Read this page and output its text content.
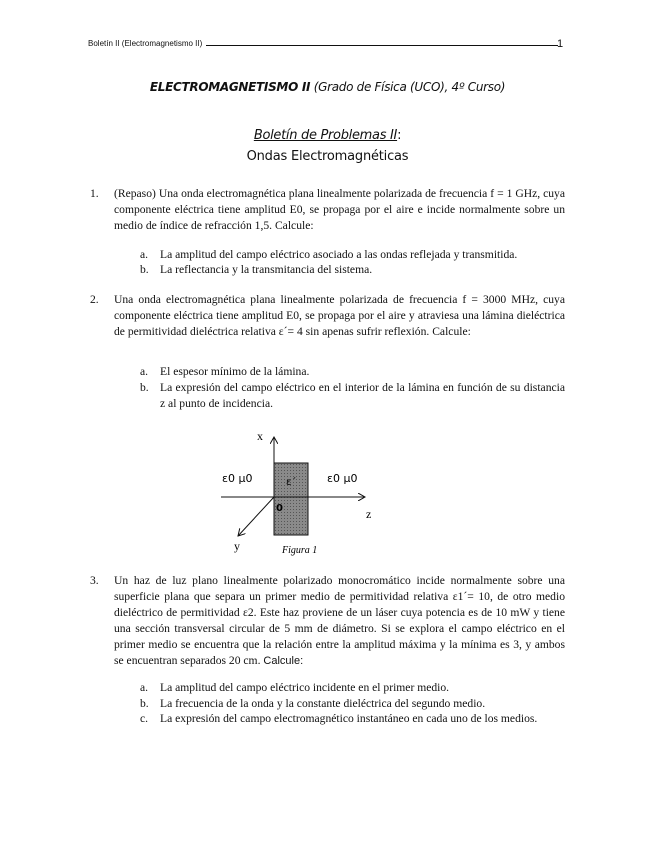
Boletín II (Electromagnetismo II)	1
ELECTROMAGNETISMO II (Grado de Física (UCO), 4º Curso)
Boletín de Problemas II:
Ondas Electromagnéticas
1. (Repaso) Una onda electromagnética plana linealmente polarizada de frecuencia f = 1 GHz, cuya componente eléctrica tiene amplitud E0, se propaga por el aire e incide normalmente sobre un medio de índice de refracción 1,5. Calcule:
a. La amplitud del campo eléctrico asociado a las ondas reflejada y transmitida.
b. La reflectancia y la transmitancia del sistema.
2. Una onda electromagnética plana linealmente polarizada de frecuencia f = 3000 MHz, cuya componente eléctrica tiene amplitud E0, se propaga por el aire y atraviesa una lámina dieléctrica de permitividad dieléctrica relativa ε´= 4 sin apenas sufrir reflexión. Calcule:
a. El espesor mínimo de la lámina.
b. La expresión del campo eléctrico en el interior de la lámina en función de su distancia z al punto de incidencia.
x
z
y
ε0 μ0	ε0 μ0
ε´
0
Figura 1
3. Un haz de luz plano linealmente polarizado monocromático incide normalmente sobre una superficie plana que separa un primer medio de permitividad relativa ε1´= 10, de otro medio dieléctrico de permitividad ε2. Este haz proviene de un láser cuya potencia es de 10 mW y tiene una sección transversal circular de 5 mm de diámetro. Si se explora el campo eléctrico en el primer medio se encuentra que la relación entre la amplitud máxima y la mínima es 3, y ambos se encuentran separados 20 cm. Calcule:
a. La amplitud del campo eléctrico incidente en el primer medio.
b. La frecuencia de la onda y la constante dieléctrica del segundo medio.
c. La expresión del campo electromagnético instantáneo en cada uno de los medios.
